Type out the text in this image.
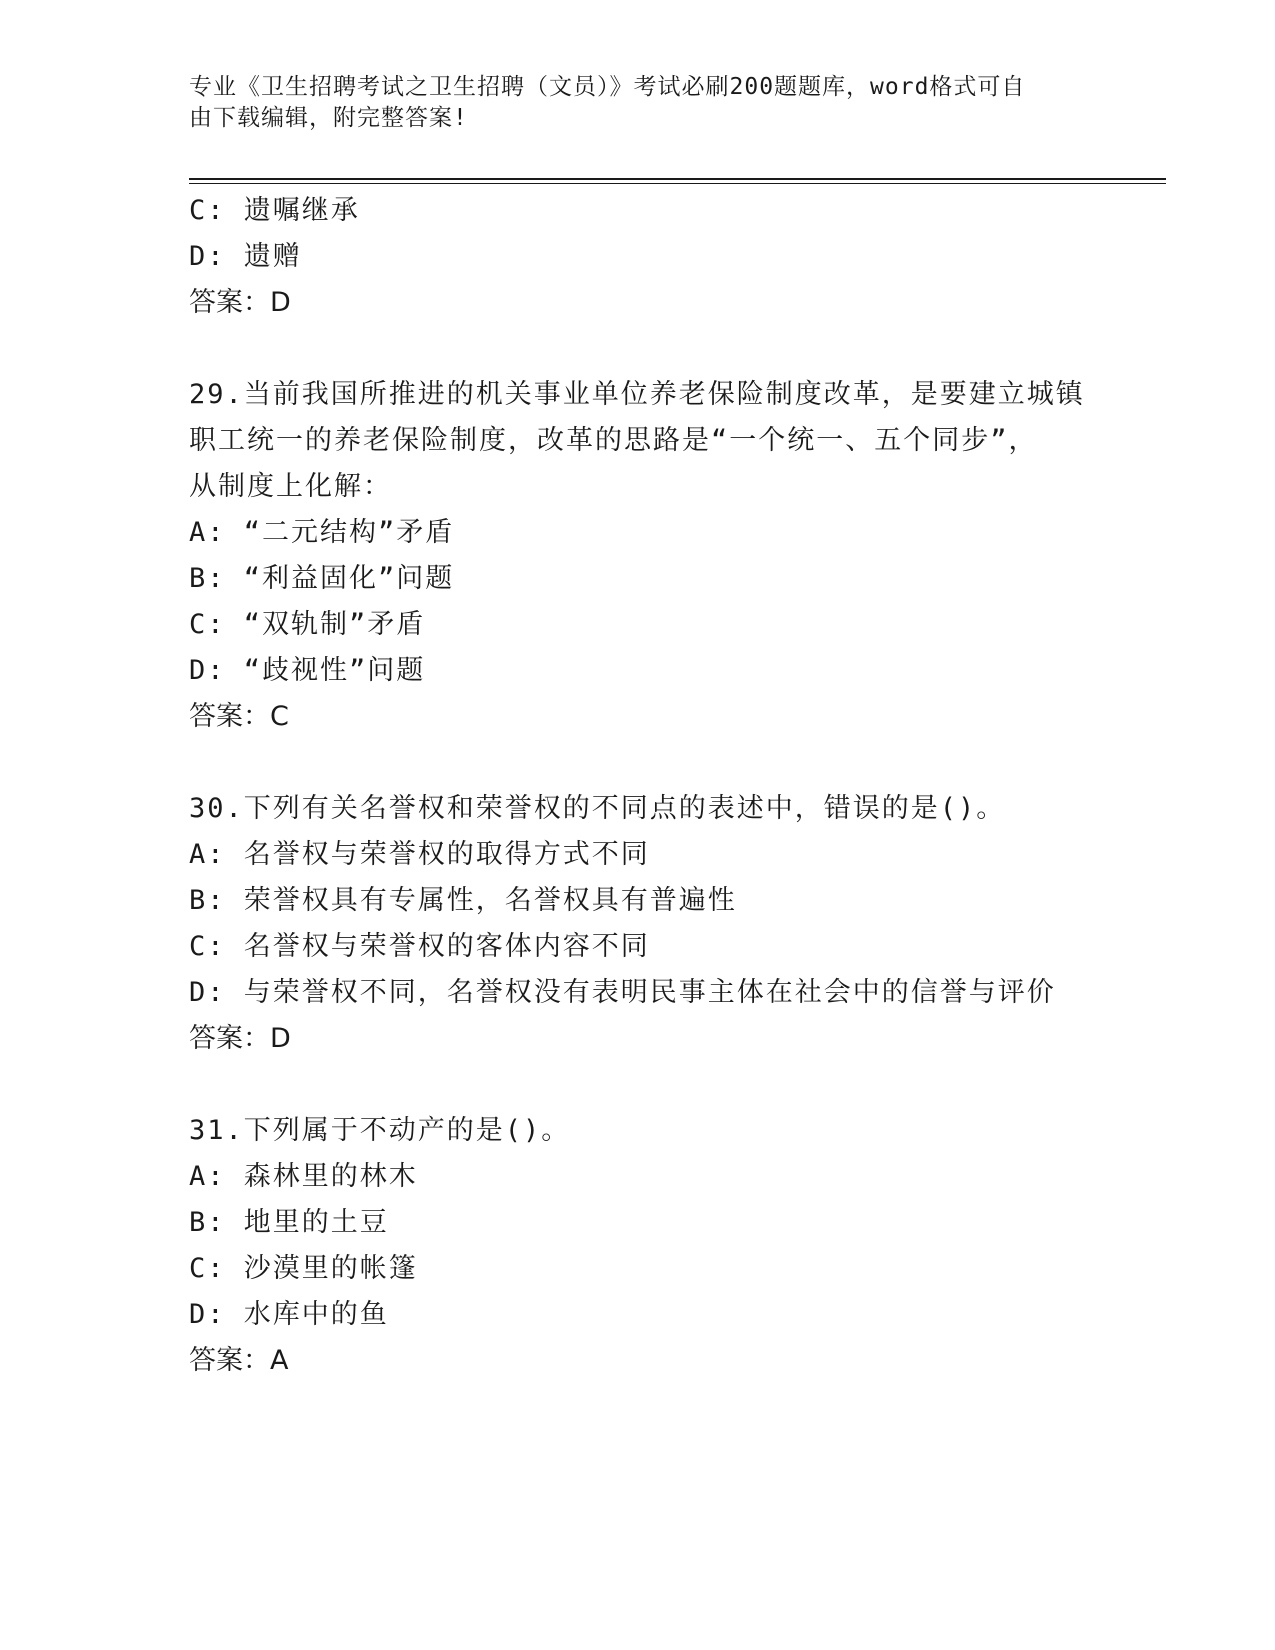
专业《卫生招聘考试之卫生招聘（文员）》考试必刷200题题库，word格式可自
由下载编辑，附完整答案!
C: 遗嘱继承
D: 遗赠
答案：D
29.当前我国所推进的机关事业单位养老保险制度改革，是要建立城镇
职工统一的养老保险制度，改革的思路是“一个统一、五个同步”，
从制度上化解：
A: “二元结构”矛盾
B: “利益固化”问题
C: “双轨制”矛盾
D: “歧视性”问题
答案：C
30.下列有关名誉权和荣誉权的不同点的表述中，错误的是()。
A: 名誉权与荣誉权的取得方式不同
B: 荣誉权具有专属性，名誉权具有普遍性
C: 名誉权与荣誉权的客体内容不同
D: 与荣誉权不同，名誉权没有表明民事主体在社会中的信誉与评价
答案：D
31.下列属于不动产的是()。
A: 森林里的林木
B: 地里的土豆
C: 沙漠里的帐篷
D: 水库中的鱼
答案：A
